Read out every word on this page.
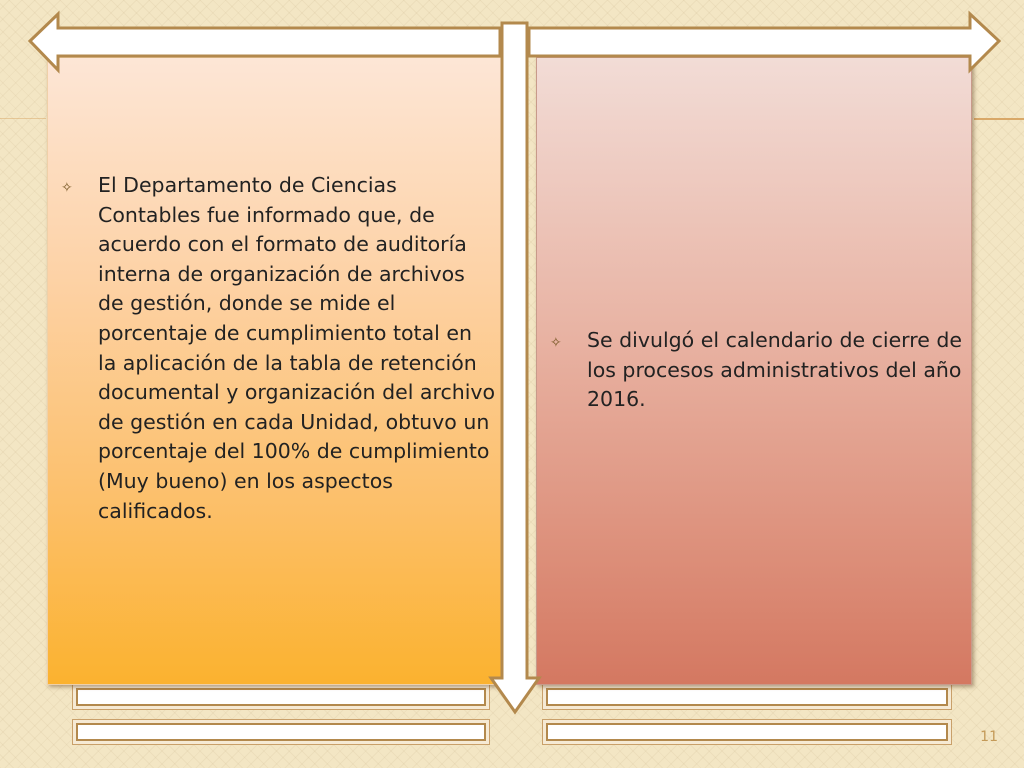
✧ El Departamento de Ciencias Contables fue informado que, de acuerdo con el formato de auditoría interna de organización de archivos de gestión, donde se mide el porcentaje de cumplimiento total en la aplicación de la tabla de retención documental y organización del archivo de gestión en cada Unidad, obtuvo un porcentaje del 100% de cumplimiento (Muy bueno) en los aspectos calificados.

✧ Se divulgó el calendario de cierre de los procesos administrativos del año 2016.

11
